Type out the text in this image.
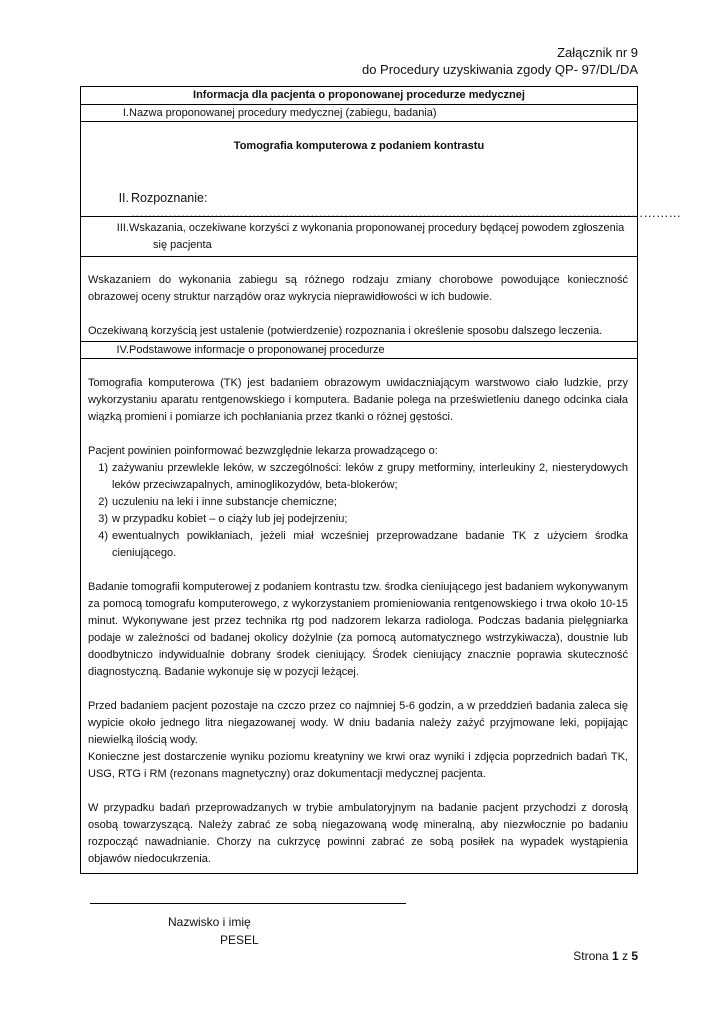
Załącznik nr 9
do Procedury uzyskiwania zgody QP- 97/DL/DA
Informacja dla pacjenta o proponowanej procedurze medycznej
I. Nazwa proponowanej procedury medycznej (zabiegu, badania)
Tomografia komputerowa z podaniem kontrastu
II. Rozpoznanie: ……………………………………………………………………………………………………………………
III. Wskazania, oczekiwane korzyści z wykonania proponowanej procedury będącej powodem zgłoszenia
się pacjenta

Wskazaniem do wykonania zabiegu są różnego rodzaju zmiany chorobowe powodujące konieczność obrazowej oceny struktur narządów oraz wykrycia nieprawidłowości w ich budowie.

Oczekiwaną korzyścią jest ustalenie (potwierdzenie) rozpoznania i określenie sposobu dalszego leczenia.

IV. Podstawowe informacje o proponowanej procedurze

Tomografia komputerowa (TK) jest badaniem obrazowym uwidaczniającym warstwowo ciało ludzkie, przy wykorzystaniu aparatu rentgenowskiego i komputera. Badanie polega na prześwietleniu danego odcinka ciała wiązką promieni i pomiarze ich pochłaniania przez tkanki o różnej gęstości.

Pacjent powinien poinformować bezwzględnie lekarza prowadzącego o:

1) zażywaniu przewlekle leków, w szczególności: leków z grupy metforminy, interleukiny 2, niesterydowych leków przeciwzapalnych, aminoglikozydów, beta-blokerów;
2) uczuleniu na leki i inne substancje chemiczne;
3) w przypadku kobiet – o ciąży lub jej podejrzeniu;
4) ewentualnych powikłaniach, jeżeli miał wcześniej przeprowadzane badanie TK z użyciem środka cieniującego.

Badanie tomografii komputerowej z podaniem kontrastu tzw. środka cieniującego jest badaniem wykonywanym za pomocą tomografu komputerowego, z wykorzystaniem promieniowania rentgenowskiego i trwa około 10-15 minut. Wykonywane jest przez technika rtg pod nadzorem lekarza radiologa. Podczas badania pielęgniarka podaje w zależności od badanej okolicy dożylnie (za pomocą automatycznego wstrzykiwacza), doustnie lub doodbytniczo indywidualnie dobrany środek cieniujący. Środek cieniujący znacznie poprawia skuteczność diagnostyczną. Badanie wykonuje się w pozycji leżącej.

Przed badaniem pacjent pozostaje na czczo przez co najmniej 5-6 godzin, a w przeddzień badania zaleca się wypicie około jednego litra niegazowanej wody. W dniu badania należy zażyć przyjmowane leki, popijając niewielką ilością wody.

Konieczne jest dostarczenie wyniku poziomu kreatyniny we krwi oraz wyniki i zdjęcia poprzednich badań TK, USG, RTG i RM (rezonans magnetyczny) oraz dokumentacji medycznej pacjenta.

W przypadku badań przeprowadzanych w trybie ambulatoryjnym na badanie pacjent przychodzi z dorosłą osobą towarzyszącą. Należy zabrać ze sobą niegazowaną wodę mineralną, aby niezwłocznie po badaniu rozpocząć nawadnianie. Chorzy na cukrzycę powinni zabrać ze sobą posiłek na wypadek wystąpienia objawów niedocukrzenia.

Nazwisko i imię
PESEL
Strona 1 z 5
